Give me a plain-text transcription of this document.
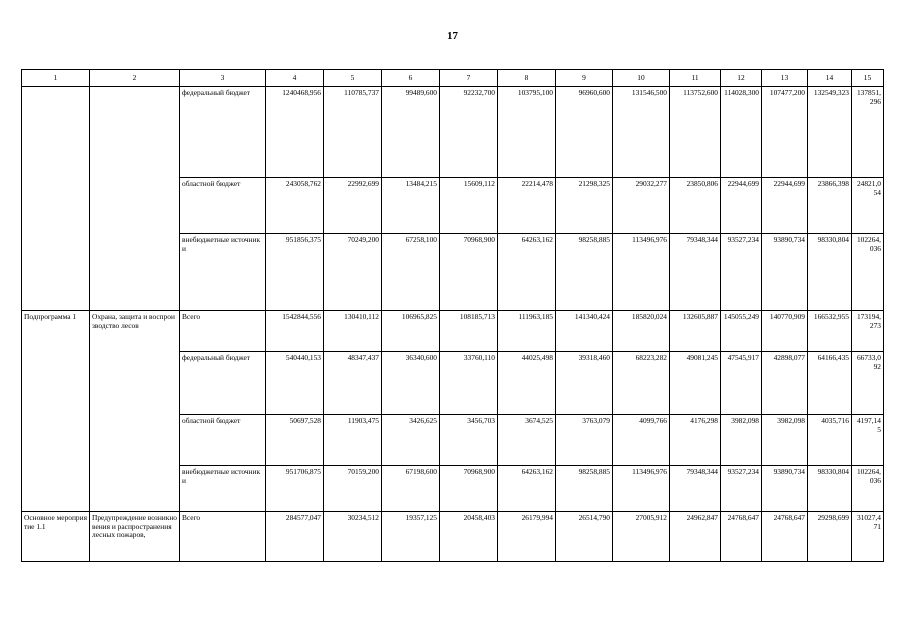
17
1	2	3	4	5	6	7	8	9	10	11	12	13	14	15
		федеральный бюджет	1240468,956	110785,737	99489,600	92232,700	103795,100	96960,600	131546,500	113752,600	114028,300	107477,200	132549,323	137851,296
		областной бюджет	243058,762	22992,699	13484,215	15609,112	22214,478	21298,325	29032,277	23850,806	22944,699	22944,699	23866,398	24821,054
		внебюджетные источники	951856,375	70249,200	67258,100	70968,900	64263,162	98258,885	113496,976	79348,344	93527,234	93890,734	98330,804	102264,036
Подпрограмма 1	Охрана, защита и воспроизводство лесов	Всего	1542844,556	130410,112	106965,825	108185,713	111963,185	141340,424	185820,024	132605,887	145055,249	140770,909	166532,955	173194,273
		федеральный бюджет	540440,153	48347,437	36340,600	33760,110	44025,498	39318,460	68223,282	49081,245	47545,917	42898,077	64166,435	66733,092
		областной бюджет	50697,528	11903,475	3426,625	3456,703	3674,525	3763,079	4099,766	4176,298	3982,098	3982,098	4035,716	4197,145
		внебюджетные источники	951706,875	70159,200	67198,600	70968,900	64263,162	98258,885	113496,976	79348,344	93527,234	93890,734	98330,804	102264,036
Основное мероприятие 1.1	Предупреждение возникновения и распространения лесных пожаров,	Всего	284577,047	30234,512	19357,125	20458,403	26179,994	26514,790	27005,912	24962,847	24768,647	24768,647	29298,699	31027,471
